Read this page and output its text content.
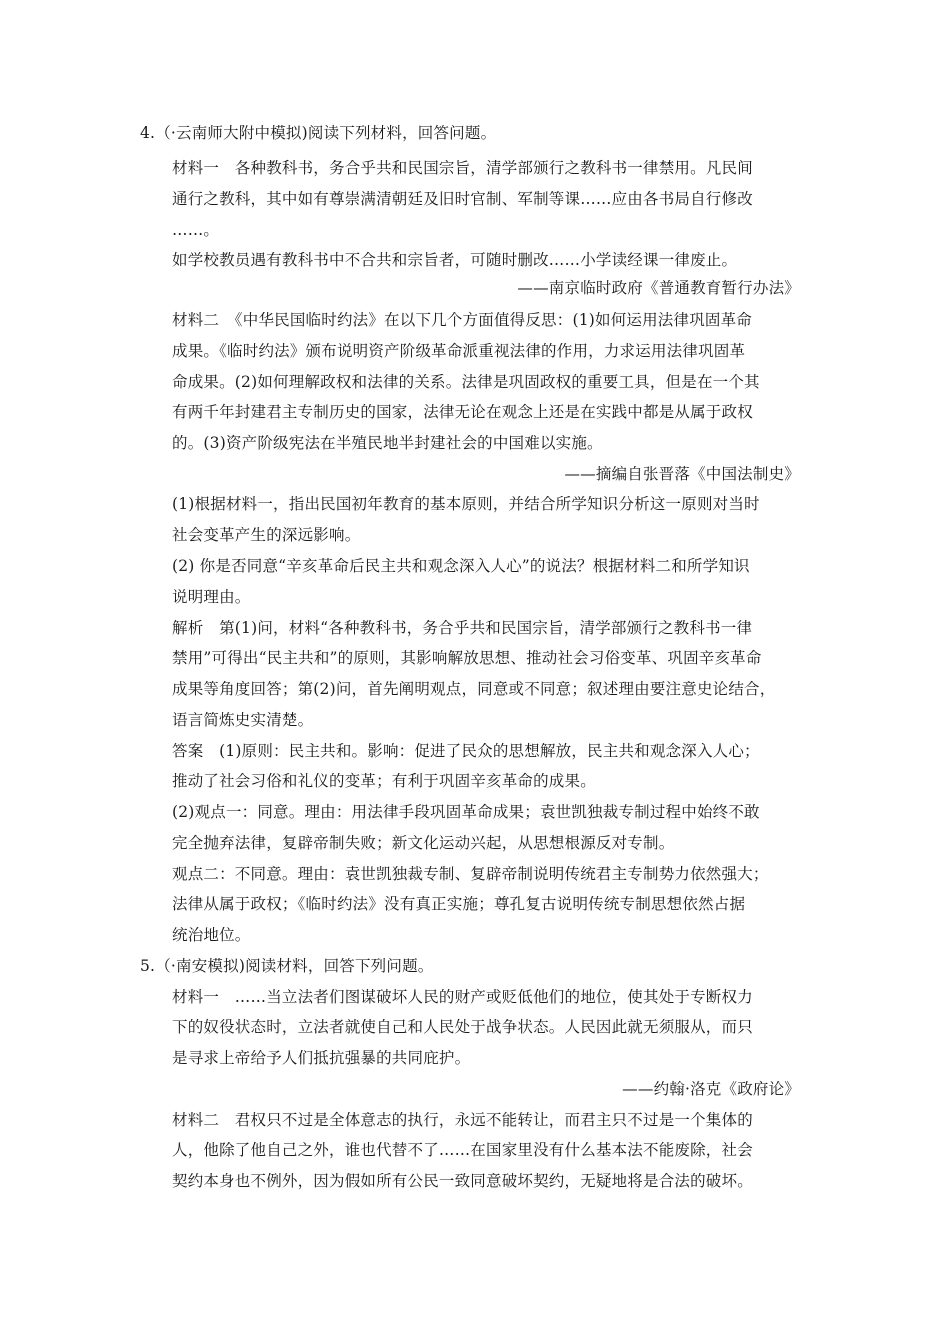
4.（·云南师大附中模拟)阅读下列材料，回答问题。
材料一　各种教科书，务合乎共和民国宗旨，清学部颁行之教科书一律禁用。凡民间
通行之教科，其中如有尊崇满清朝廷及旧时官制、军制等课……应由各书局自行修改
……。
如学校教员遇有教科书中不合共和宗旨者，可随时删改……小学读经课一律废止。
——南京临时政府《普通教育暂行办法》
材料二　《中华民国临时约法》在以下几个方面值得反思：(1)如何运用法律巩固革命
成果。《临时约法》颁布说明资产阶级革命派重视法律的作用，力求运用法律巩固革
命成果。(2)如何理解政权和法律的关系。法律是巩固政权的重要工具，但是在一个其
有两千年封建君主专制历史的国家，法律无论在观念上还是在实践中都是从属于政权
的。(3)资产阶级宪法在半殖民地半封建社会的中国难以实施。
——摘编自张晋落《中国法制史》
(1)根据材料一，指出民国初年教育的基本原则，并结合所学知识分析这一原则对当时
社会变革产生的深远影响。
(2) 你是否同意“辛亥革命后民主共和观念深入人心”的说法？根据材料二和所学知识
说明理由。
解析　第(1)问，材料“各种教科书，务合乎共和民国宗旨，清学部颁行之教科书一律
禁用”可得出“民主共和”的原则，其影响解放思想、推动社会习俗变革、巩固辛亥革命
成果等角度回答；第(2)问，首先阐明观点，同意或不同意；叙述理由要注意史论结合，
语言简炼史实清楚。
答案　(1)原则：民主共和。影响：促进了民众的思想解放，民主共和观念深入人心；
推动了社会习俗和礼仪的变革；有利于巩固辛亥革命的成果。
(2)观点一：同意。理由：用法律手段巩固革命成果；袁世凯独裁专制过程中始终不敢
完全抛弃法律，复辟帝制失败；新文化运动兴起，从思想根源反对专制。
观点二：不同意。理由：袁世凯独裁专制、复辟帝制说明传统君主专制势力依然强大；
法律从属于政权；《临时约法》没有真正实施；尊孔复古说明传统专制思想依然占据
统治地位。
5.（·南安模拟)阅读材料，回答下列问题。
材料一　……当立法者们图谋破坏人民的财产或贬低他们的地位，使其处于专断权力
下的奴役状态时，立法者就使自己和人民处于战争状态。人民因此就无须服从，而只
是寻求上帝给予人们抵抗强暴的共同庇护。
——约翰·洛克《政府论》
材料二　君权只不过是全体意志的执行，永远不能转让，而君主只不过是一个集体的
人，他除了他自己之外，谁也代替不了……在国家里没有什么基本法不能废除，社会
契约本身也不例外，因为假如所有公民一致同意破坏契约，无疑地将是合法的破坏。
